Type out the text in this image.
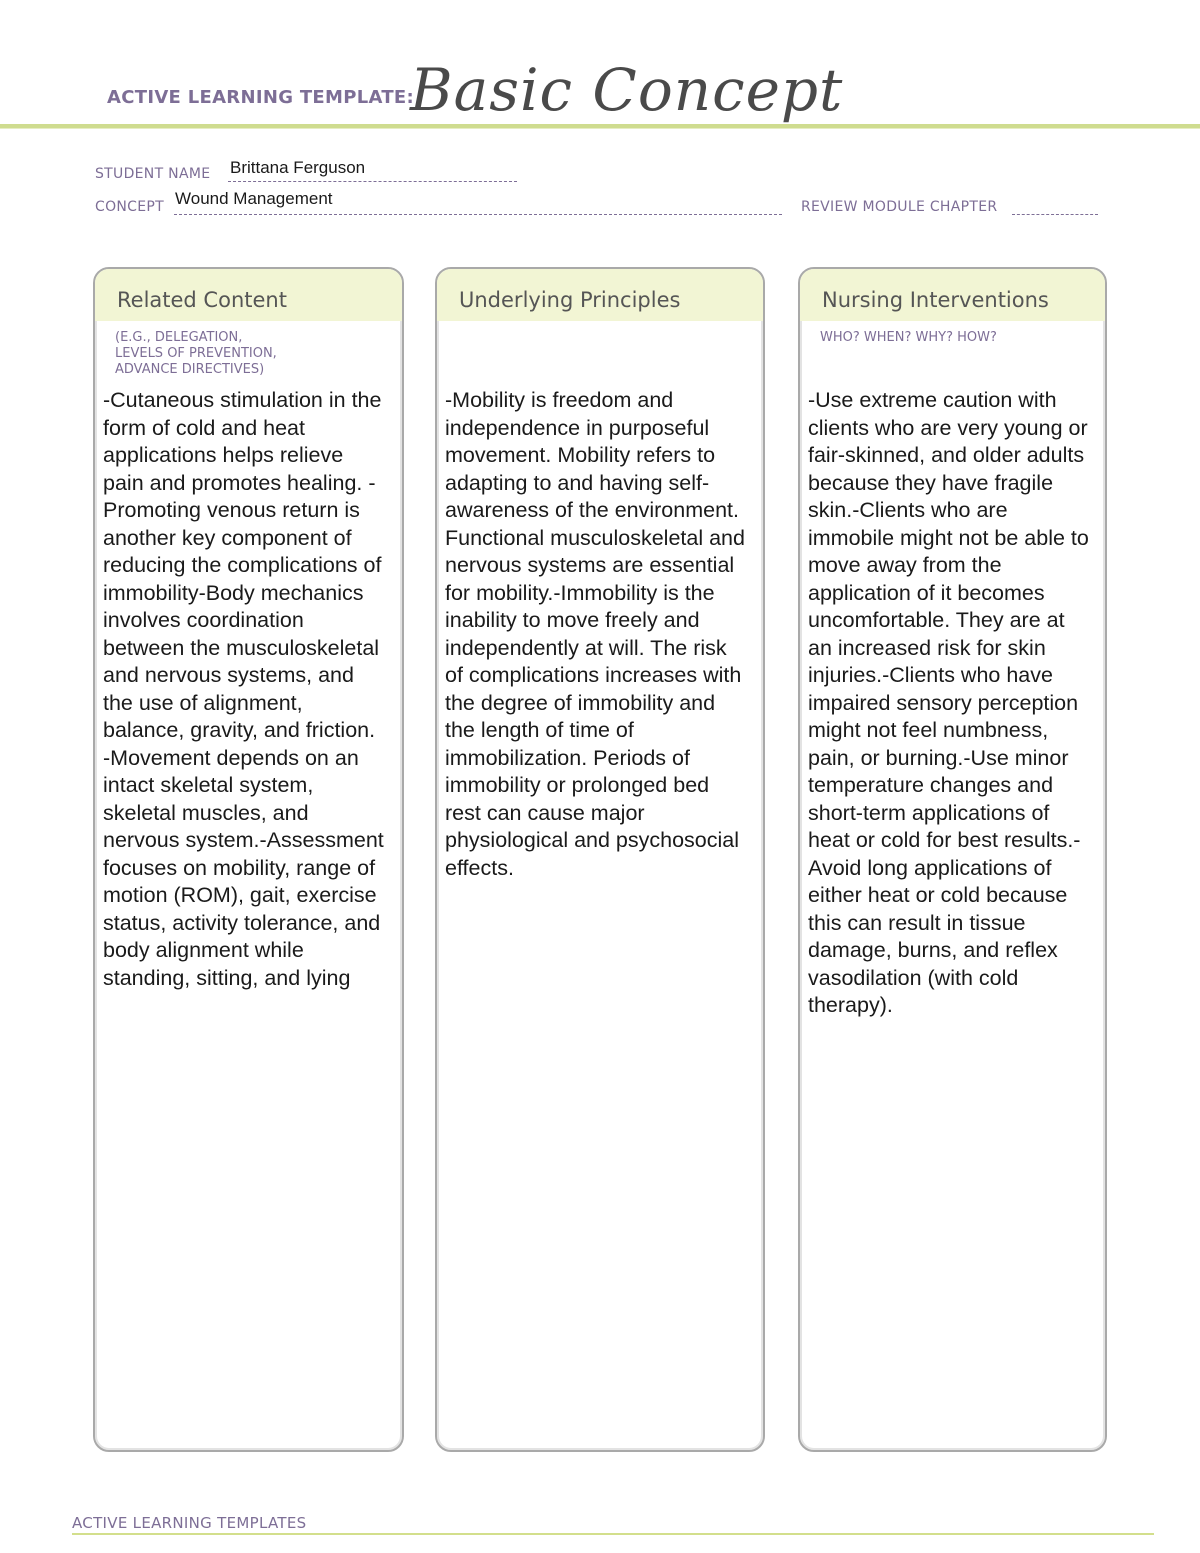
ACTIVE LEARNING TEMPLATE:
Basic Concept
STUDENT NAME Brittana Ferguson
CONCEPT Wound Management	REVIEW MODULE CHAPTER
Related Content
(E.G., DELEGATION,
LEVELS OF PREVENTION,
ADVANCE DIRECTIVES)
-Cutaneous stimulation in the form of cold and heat applications helps relieve pain and promotes healing. -Promoting venous return is another key component of reducing the complications of immobility-Body mechanics involves coordination between the musculoskeletal and nervous systems, and the use of alignment, balance, gravity, and friction. -Movement depends on an intact skeletal system, skeletal muscles, and nervous system.-Assessment focuses on mobility, range of motion (ROM), gait, exercise status, activity tolerance, and body alignment while standing, sitting, and lying
Underlying Principles
-Mobility is freedom and independence in purposeful movement. Mobility refers to adapting to and having self-awareness of the environment. Functional musculoskeletal and nervous systems are essential for mobility.-Immobility is the inability to move freely and independently at will. The risk of complications increases with the degree of immobility and the length of time of immobilization. Periods of immobility or prolonged bed rest can cause major physiological and psychosocial effects.
Nursing Interventions
WHO? WHEN? WHY? HOW?
-Use extreme caution with clients who are very young or fair-skinned, and older adults because they have fragile skin.-Clients who are immobile might not be able to move away from the application of it becomes uncomfortable. They are at an increased risk for skin injuries.-Clients who have impaired sensory perception might not feel numbness, pain, or burning.-Use minor temperature changes and short-term applications of heat or cold for best results.-Avoid long applications of either heat or cold because this can result in tissue damage, burns, and reflex vasodilation (with cold therapy).
ACTIVE LEARNING TEMPLATES
